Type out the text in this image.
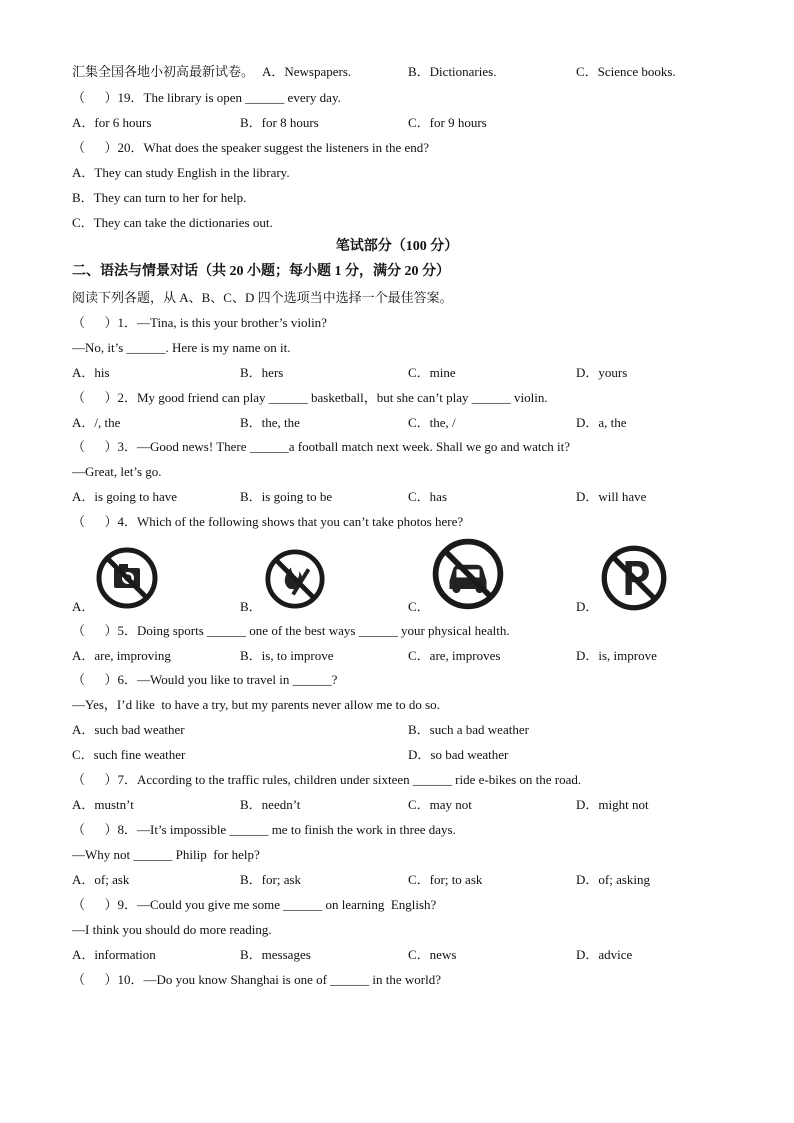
汇集全国各地小初高最新试卷。 A．Newspapers.	B．Dictionaries.	C．Science books.
（      ）19．The library is open ______ every day.
A．for 6 hours	B．for 8 hours	C．for 9 hours
（      ）20．What does the speaker suggest the listeners in the end?
A．They can study English in the library.
B．They can turn to her for help.
C．They can take the dictionaries out.
笔试部分（100 分）
二、语法与情景对话（共 20 小题；每小题 1 分，满分 20 分）
阅读下列各题，从 A、B、C、D 四个选项当中选择一个最佳答案。
（      ）1．—Tina, is this your brother’s violin?
—No, it’s ______. Here is my name on it.
A．his	B．hers	C．mine	D．yours
（      ）2．My good friend can play ______ basketball，but she can’t play ______ violin.
A．/, the	B．the, the	C．the, /	D．a, the
（      ）3．—Good news! There ______a football match next week. Shall we go and watch it?
—Great, let’s go.
A．is going to have	B．is going to be	C．has	D．will have
（      ）4．Which of the following shows that you can’t take photos here?
A．	B．	C．	D．
（      ）5．Doing sports ______ one of the best ways ______ your physical health.
A．are, improving	B．is, to improve	C．are, improves	D．is, improve
（      ）6．—Would you like to travel in ______?
—Yes，I’d like  to have a try, but my parents never allow me to do so.
A．such bad weather	B．such a bad weather
C．such fine weather	D．so bad weather
（      ）7．According to the traffic rules, children under sixteen ______ ride e-bikes on the road.
A．mustn’t	B．needn’t	C．may not	D．might not
（      ）8．—It’s impossible ______ me to finish the work in three days.
—Why not ______ Philip  for help?
A．of; ask	B．for; ask	C．for; to ask	D．of; asking
（      ）9．—Could you give me some ______ on learning  English?
—I think you should do more reading.
A．information	B．messages	C．news	D．advice
（      ）10．—Do you know Shanghai is one of ______ in the world?
